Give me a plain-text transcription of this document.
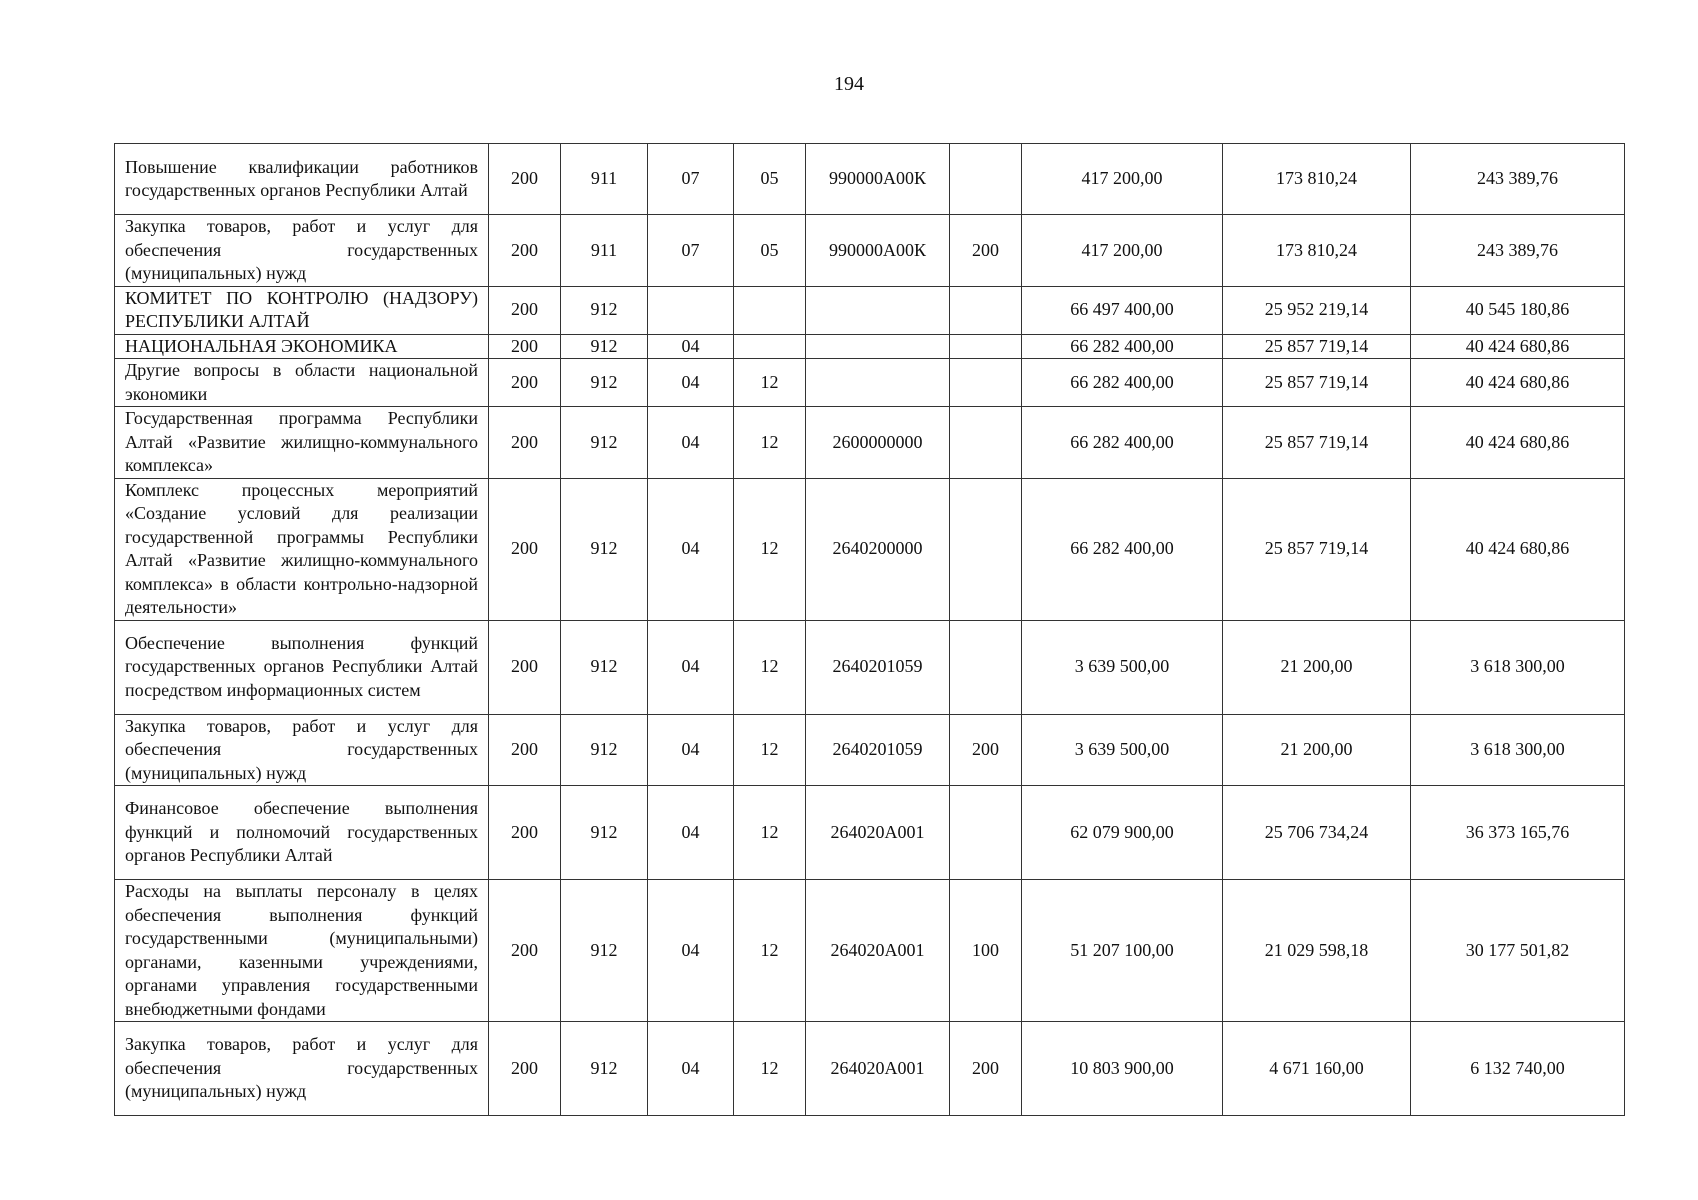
194
Повышение квалификации работников государственных органов Республики Алтай	200	911	07	05	990000А00К		417 200,00	173 810,24	243 389,76
Закупка товаров, работ и услуг для обеспечения государственных (муниципальных) нужд	200	911	07	05	990000А00К	200	417 200,00	173 810,24	243 389,76
КОМИТЕТ ПО КОНТРОЛЮ (НАДЗОРУ) РЕСПУБЛИКИ АЛТАЙ	200	912					66 497 400,00	25 952 219,14	40 545 180,86
НАЦИОНАЛЬНАЯ ЭКОНОМИКА	200	912	04				66 282 400,00	25 857 719,14	40 424 680,86
Другие вопросы в области национальной экономики	200	912	04	12			66 282 400,00	25 857 719,14	40 424 680,86
Государственная программа Республики Алтай «Развитие жилищно-коммунального комплекса»	200	912	04	12	2600000000		66 282 400,00	25 857 719,14	40 424 680,86
Комплекс процессных мероприятий «Создание условий для реализации государственной программы Республики Алтай «Развитие жилищно-коммунального комплекса» в области контрольно-надзорной деятельности»	200	912	04	12	2640200000		66 282 400,00	25 857 719,14	40 424 680,86
Обеспечение выполнения функций государственных органов Республики Алтай посредством информационных систем	200	912	04	12	2640201059		3 639 500,00	21 200,00	3 618 300,00
Закупка товаров, работ и услуг для обеспечения государственных (муниципальных) нужд	200	912	04	12	2640201059	200	3 639 500,00	21 200,00	3 618 300,00
Финансовое обеспечение выполнения функций и полномочий государственных органов Республики Алтай	200	912	04	12	264020А001		62 079 900,00	25 706 734,24	36 373 165,76
Расходы на выплаты персоналу в целях обеспечения выполнения функций государственными (муниципальными) органами, казенными учреждениями, органами управления государственными внебюджетными фондами	200	912	04	12	264020А001	100	51 207 100,00	21 029 598,18	30 177 501,82
Закупка товаров, работ и услуг для обеспечения государственных (муниципальных) нужд	200	912	04	12	264020А001	200	10 803 900,00	4 671 160,00	6 132 740,00
